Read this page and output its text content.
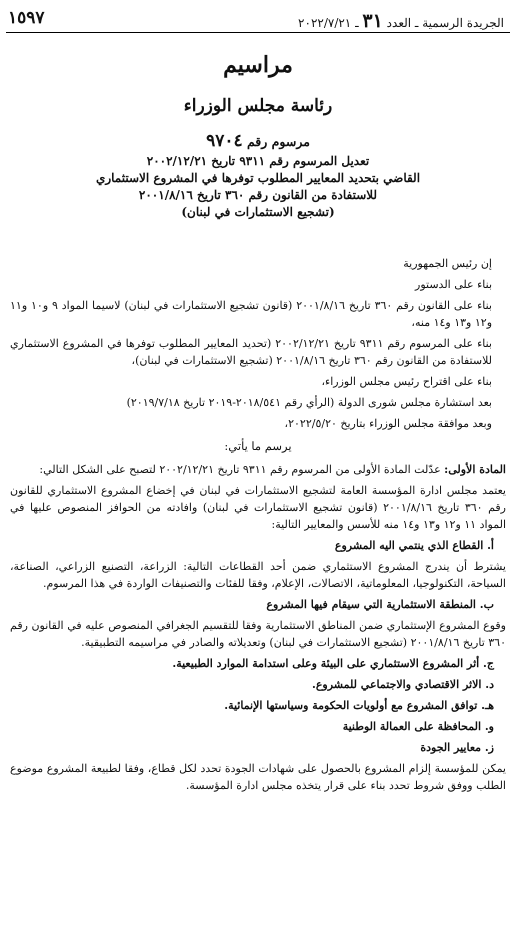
الجريدة الرسمية ـ العدد ٣١ ـ ٢٠٢٢/٧/٢١
١٥٩٧
مراسيم
رئاسة مجلس الوزراء
مرسوم رقم ٩٧٠٤
تعديل المرسوم رقم ٩٣١١ تاريخ ٢٠٠٢/١٢/٢١
القاضي بتحديد المعايير المطلوب توفرها في المشروع الاستثماري
للاستفادة من القانون رقم ٣٦٠ تاريخ ٢٠٠١/٨/١٦
(تشجيع الاستثمارات في لبنان)

إن رئيس الجمهورية

بناء على الدستور

بناء على القانون رقم ٣٦٠ تاريخ ٢٠٠١/٨/١٦ (قانون تشجيع الاستثمارات في لبنان) لاسيما المواد ٩ و١٠ و١١ و١٢ و١٣ و١٤ منه،

بناء على المرسوم رقم ٩٣١١ تاريخ ٢٠٠٢/١٢/٢١ (تحديد المعايير المطلوب توفرها في المشروع الاستثماري للاستفادة من القانون رقم ٣٦٠ تاريخ ٢٠٠١/٨/١٦ (تشجيع الاستثمارات في لبنان)،

بناء على اقتراح رئيس مجلس الوزراء،

بعد استشارة مجلس شورى الدولة (الرأي رقم ٢٠١٨/٥٤١-٢٠١٩ تاريخ ٢٠١٩/٧/١٨)

وبعد موافقة مجلس الوزراء بتاريخ ٢٠٢٢/٥/٢٠،

يرسم ما يأتي:

المادة الأولى: عدّلت المادة الأولى من المرسوم رقم ٩٣١١ تاريخ ٢٠٠٢/١٢/٢١ لتصبح على الشكل التالي:

يعتمد مجلس ادارة المؤسسة العامة لتشجيع الاستثمارات في لبنان في إخضاع المشروع الاستثماري للقانون رقم ٣٦٠ تاريخ ٢٠٠١/٨/١٦ (قانون تشجيع الاستثمارات في لبنان) وافادته من الحوافز المنصوص عليها في المواد ١١ و١٢ و١٣ و١٤ منه للأسس والمعايير التالية:

أ. القطاع الذي ينتمي اليه المشروع

يشترط أن يندرج المشروع الاستثماري ضمن أحد القطاعات التالية: الزراعة، التصنيع الزراعي، الصناعة، السياحة، التكنولوجيا، المعلوماتية، الاتصالات، الإعلام، وفقا للفئات والتصنيفات الواردة في هذا المرسوم.

ب. المنطقة الاستثمارية التي سيقام فيها المشروع

وقوع المشروع الإستثماري ضمن المناطق الاستثمارية وفقا للتقسيم الجغرافي المنصوص عليه في القانون رقم ٣٦٠ تاريخ ٢٠٠١/٨/١٦ (تشجيع الاستثمارات في لبنان) وتعديلاته والصادر في مراسيمه التطبيقية.

ج. أثر المشروع الاستثماري على البيئة وعلى استدامة الموارد الطبيعية.

د. الاثر الاقتصادي والاجتماعي للمشروع.

هـ. توافق المشروع مع أولويات الحكومة وسياستها الإنمائية.

و. المحافظة على العمالة الوطنية

ز. معايير الجودة

يمكن للمؤسسة إلزام المشروع بالحصول على شهادات الجودة تحدد لكل قطاع، وفقا لطبيعة المشروع موضوع الطلب ووفق شروط تحدد بناء على قرار يتخذه مجلس ادارة المؤسسة.
